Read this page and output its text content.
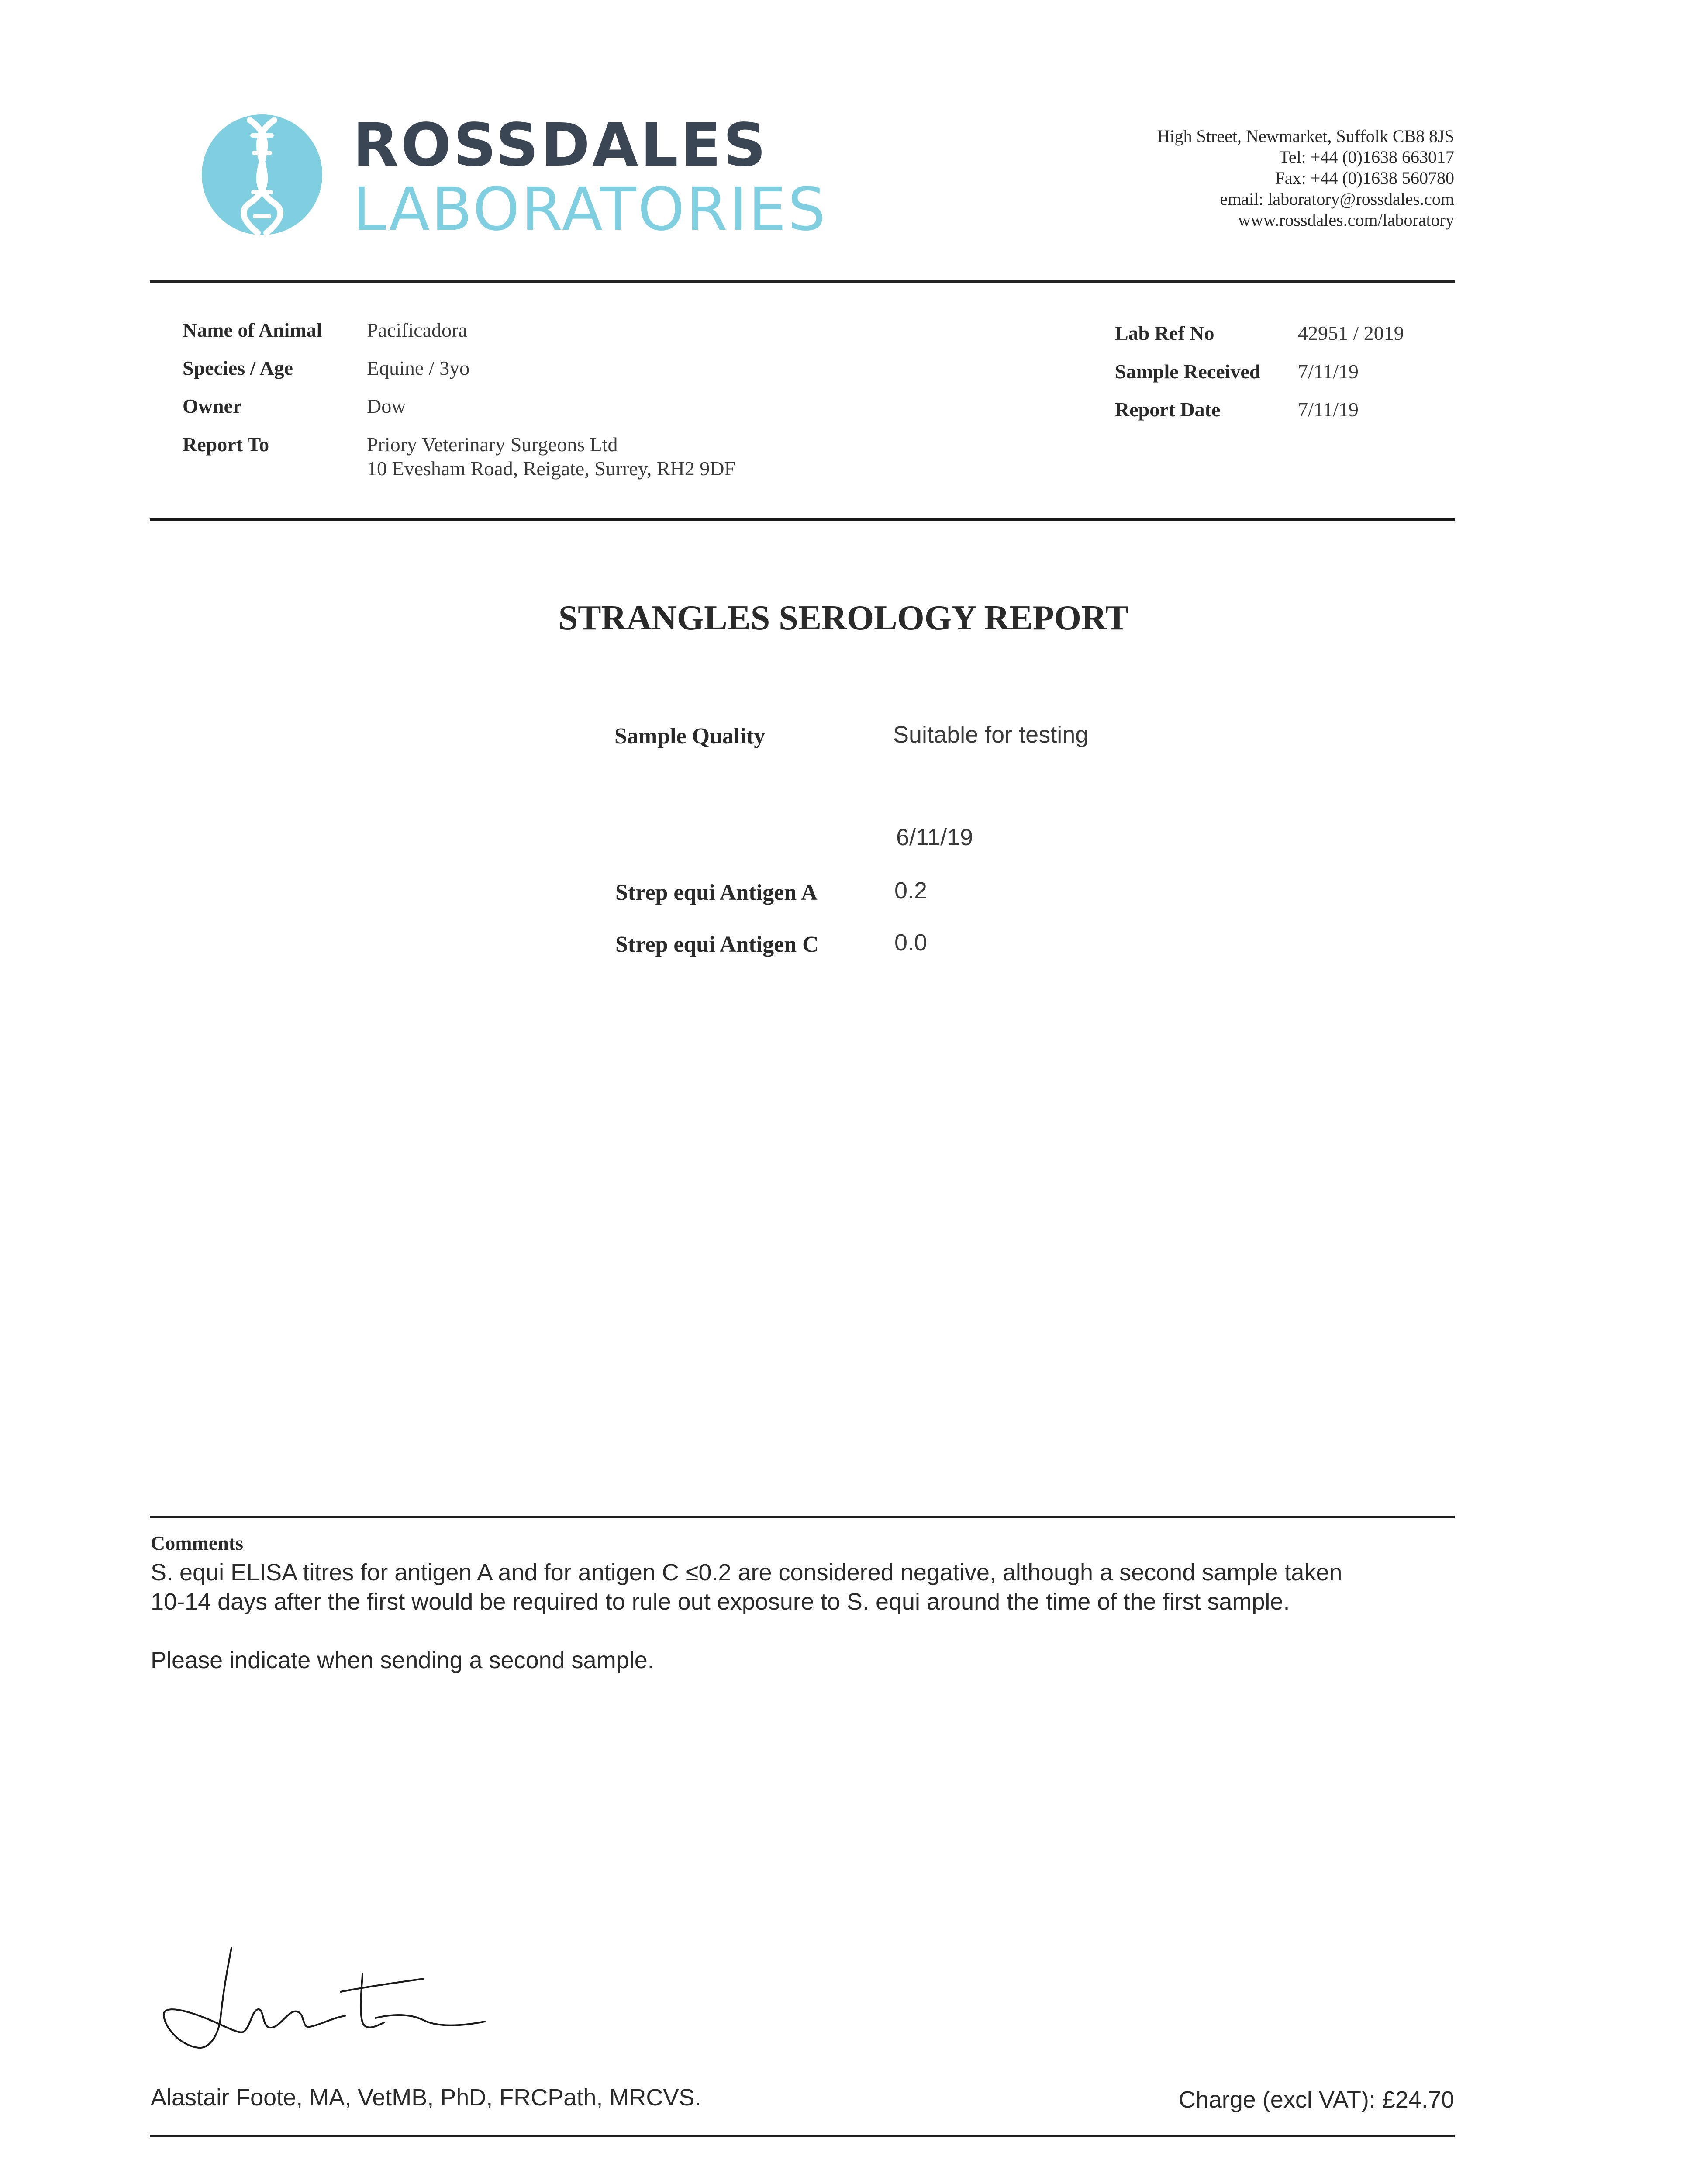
ROSSDALES
LABORATORIES
High Street, Newmarket, Suffolk CB8 8JS
Tel: +44 (0)1638 663017
Fax: +44 (0)1638 560780
email: laboratory@rossdales.com
www.rossdales.com/laboratory
Name of Animal Pacificadora
Species / Age	Equine / 3yo
Owner	Dow
Report To	Priory Veterinary Surgeons Ltd
10 Evesham Road, Reigate, Surrey, RH2 9DF
Lab Ref No	42951 / 2019
Sample Received 7/11/19
Report Date	7/11/19
STRANGLES SEROLOGY REPORT
Sample Quality	Suitable for testing
6/11/19
Strep equi Antigen A	0.2
Strep equi Antigen C	0.0
Comments
S. equi ELISA titres for antigen A and for antigen C ≤0.2 are considered negative, although a second sample taken
10-14 days after the first would be required to rule out exposure to S. equi around the time of the first sample.
Please indicate when sending a second sample.
Alastair Foote, MA, VetMB, PhD, FRCPath, MRCVS.	Charge (excl VAT): £24.70
